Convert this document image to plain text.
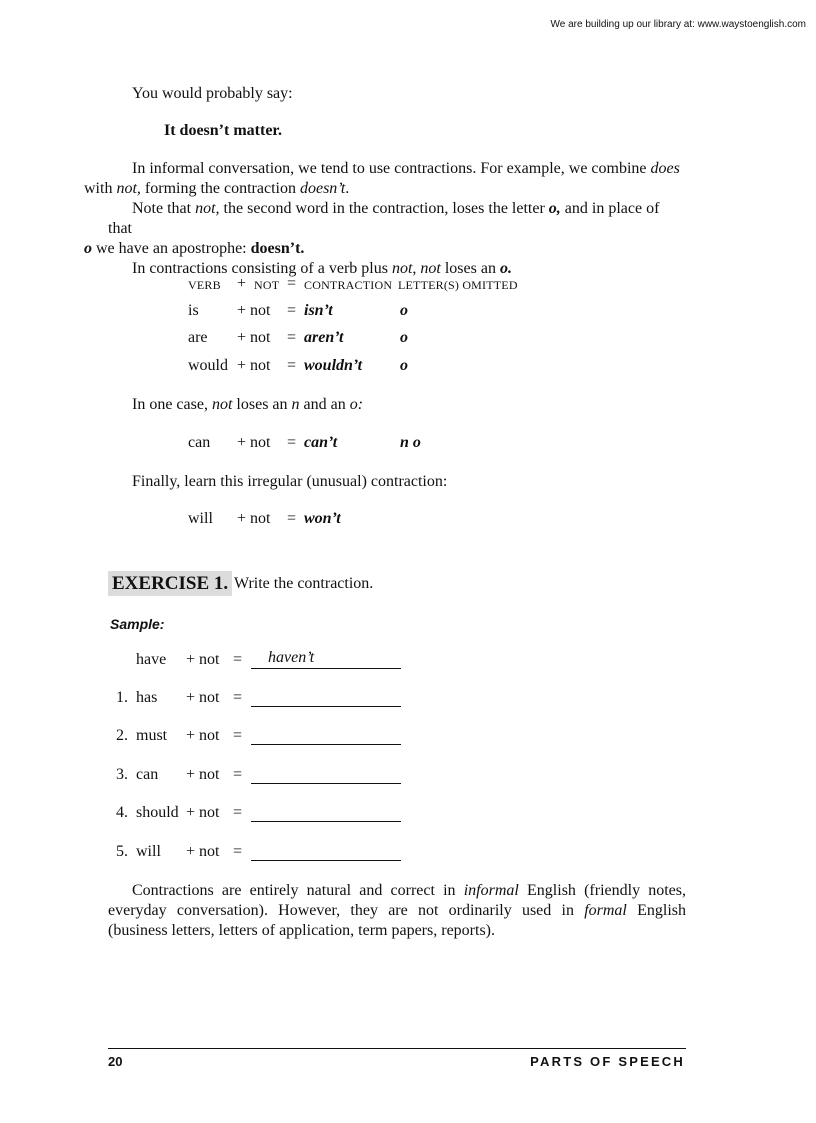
We are building up our library at: www.waystoenglish.com
You would probably say:
It doesn’t matter.
In informal conversation, we tend to use contractions. For example, we combine does
with not, forming the contraction doesn’t.
Note that not, the second word in the contraction, loses the letter o, and in place of that
o we have an apostrophe: doesn’t.
In contractions consisting of a verb plus not, not loses an o.
VERB + NOT = CONTRACTION LETTER(S) OMITTED
is + not = isn’t	o
are + not = aren’t	o
would + not = wouldn’t o
In one case, not loses an n and an o:
can + not = can’t	n o
Finally, learn this irregular (unusual) contraction:
will + not = won’t
EXERCISE 1. Write the contraction.
Sample:
have + not = haven’t
1. has + not =
2. must + not =
3. can + not =
4. should + not =
5. will + not =
Contractions are entirely natural and correct in informal English (friendly notes, everyday conversation). However, they are not ordinarily used in formal English (business letters, letters of application, term papers, reports).
20	PARTS OF SPEECH
